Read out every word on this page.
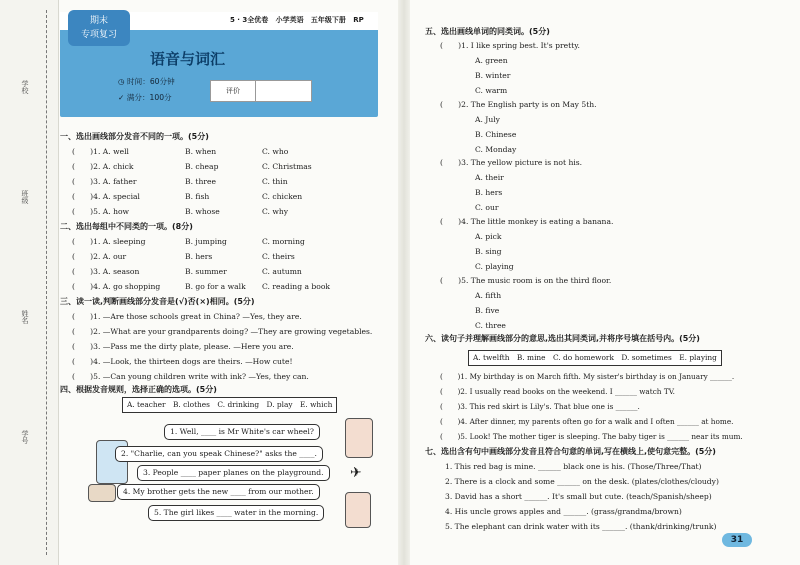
学校
班级
姓名
学号
期末
专项复习
5 · 3全优卷 小学英语 五年级下册 RP
语音与词汇
◷ 时间：60分钟
✓ 满分：100分
评价
一、选出画线部分发音不同的一项。(5分)
(　　)1. A. well	B. when	C. who
(　　)2. A. chick	B. cheap	C. Christmas
(　　)3. A. father	B. three	C. thin
(　　)4. A. special	B. fish	C. chicken
(　　)5. A. how	B. whose	C. why
二、选出每组中不同类的一项。(8分)
(　　)1. A. sleeping	B. jumping	C. morning
(　　)2. A. our	B. hers	C. theirs
(　　)3. A. season	B. summer	C. autumn
(　　)4. A. go shopping	B. go for a walk C. reading a book
三、读一读,判断画线部分发音是(√)否(×)相同。(5分)
(　　)1. —Are those schools great in China? —Yes, they are.
(　　)2. —What are your grandparents doing? —They are growing vegetables.
(　　)3. —Pass me the dirty plate, please. —Here you are.
(　　)4. —Look, the thirteen dogs are theirs. —How cute!
(　　)5. —Can young children write with ink? —Yes, they can.
四、根据发音规则，选择正确的选项。(5分)
A. teacher　B. clothes　C. drinking　D. play　E. which
✈
1. Well, ____ is Mr White's car wheel?
2. "Charlie, can you speak Chinese?" asks the ____.
3. People ____ paper planes on the playground.
4. My brother gets the new ____ from our mother.
5. The girl likes ____ water in the morning.
五、选出画线单词的同类词。(5分)
(　　)1. I like spring best. It's pretty.
A. green
B. winter
C. warm
(　　)2. The English party is on May 5th.
A. July
B. Chinese
C. Monday
(　　)3. The yellow picture is not his.
A. their
B. hers
C. our
(　　)4. The little monkey is eating a banana.
A. pick
B. sing
C. playing
(　　)5. The music room is on the third floor.
A. fifth
B. five
C. three
六、读句子并理解画线部分的意思,选出其同类词,并将序号填在括号内。(5分)
A. twelfth　B. mine　C. do homework　D. sometimes　E. playing
(　　)1. My birthday is on March fifth. My sister's birthday is on January ______.
(　　)2. I usually read books on the weekend. I ______ watch TV.
(　　)3. This red skirt is Lily's. That blue one is ______.
(　　)4. After dinner, my parents often go for a walk and I often ______ at home.
(　　)5. Look! The mother tiger is sleeping. The baby tiger is ______ near its mum.
七、选出含有句中画线部分发音且符合句意的单词,写在横线上,使句意完整。(5分)
1. This red bag is mine. ______ black one is his. (Those/Three/That)
2. There is a clock and some ______ on the desk. (plates/clothes/cloudy)
3. David has a short ______. It's small but cute. (teach/Spanish/sheep)
4. His uncle grows apples and ______. (grass/grandma/brown)
5. The elephant can drink water with its ______. (thank/drinking/trunk)
31
